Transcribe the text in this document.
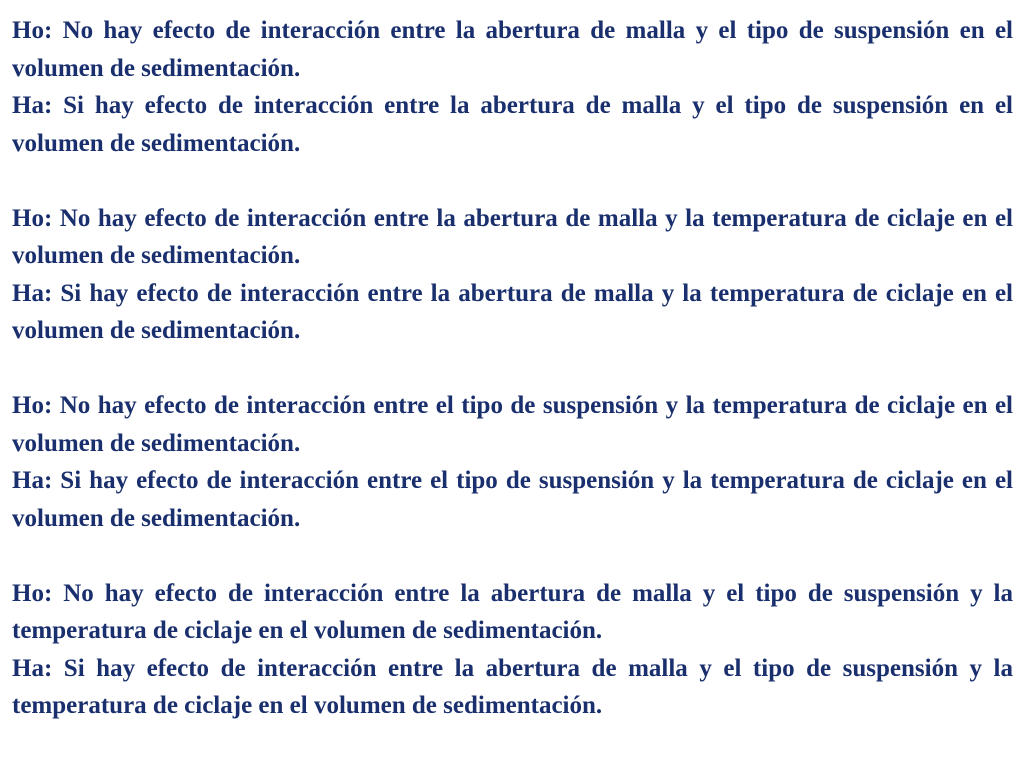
Ho: No hay efecto de interacción entre la abertura de malla y el tipo de suspensión en el volumen de sedimentación.

Ha: Si hay efecto de interacción entre la abertura de malla y el tipo de suspensión en el volumen de sedimentación.

Ho: No hay efecto de interacción entre la abertura de malla y la temperatura de ciclaje en el volumen de sedimentación.

Ha: Si hay efecto de interacción entre la abertura de malla y la temperatura de ciclaje en el volumen de sedimentación.

Ho: No hay efecto de interacción entre el tipo de suspensión y la temperatura de ciclaje en el volumen de sedimentación.

Ha: Si hay efecto de interacción entre el tipo de suspensión y la temperatura de ciclaje en el volumen de sedimentación.

Ho: No hay efecto de interacción entre la abertura de malla y el tipo de suspensión y la temperatura de ciclaje en el volumen de sedimentación.

Ha: Si hay efecto de interacción entre la abertura de malla y el tipo de suspensión y la temperatura de ciclaje en el volumen de sedimentación.
